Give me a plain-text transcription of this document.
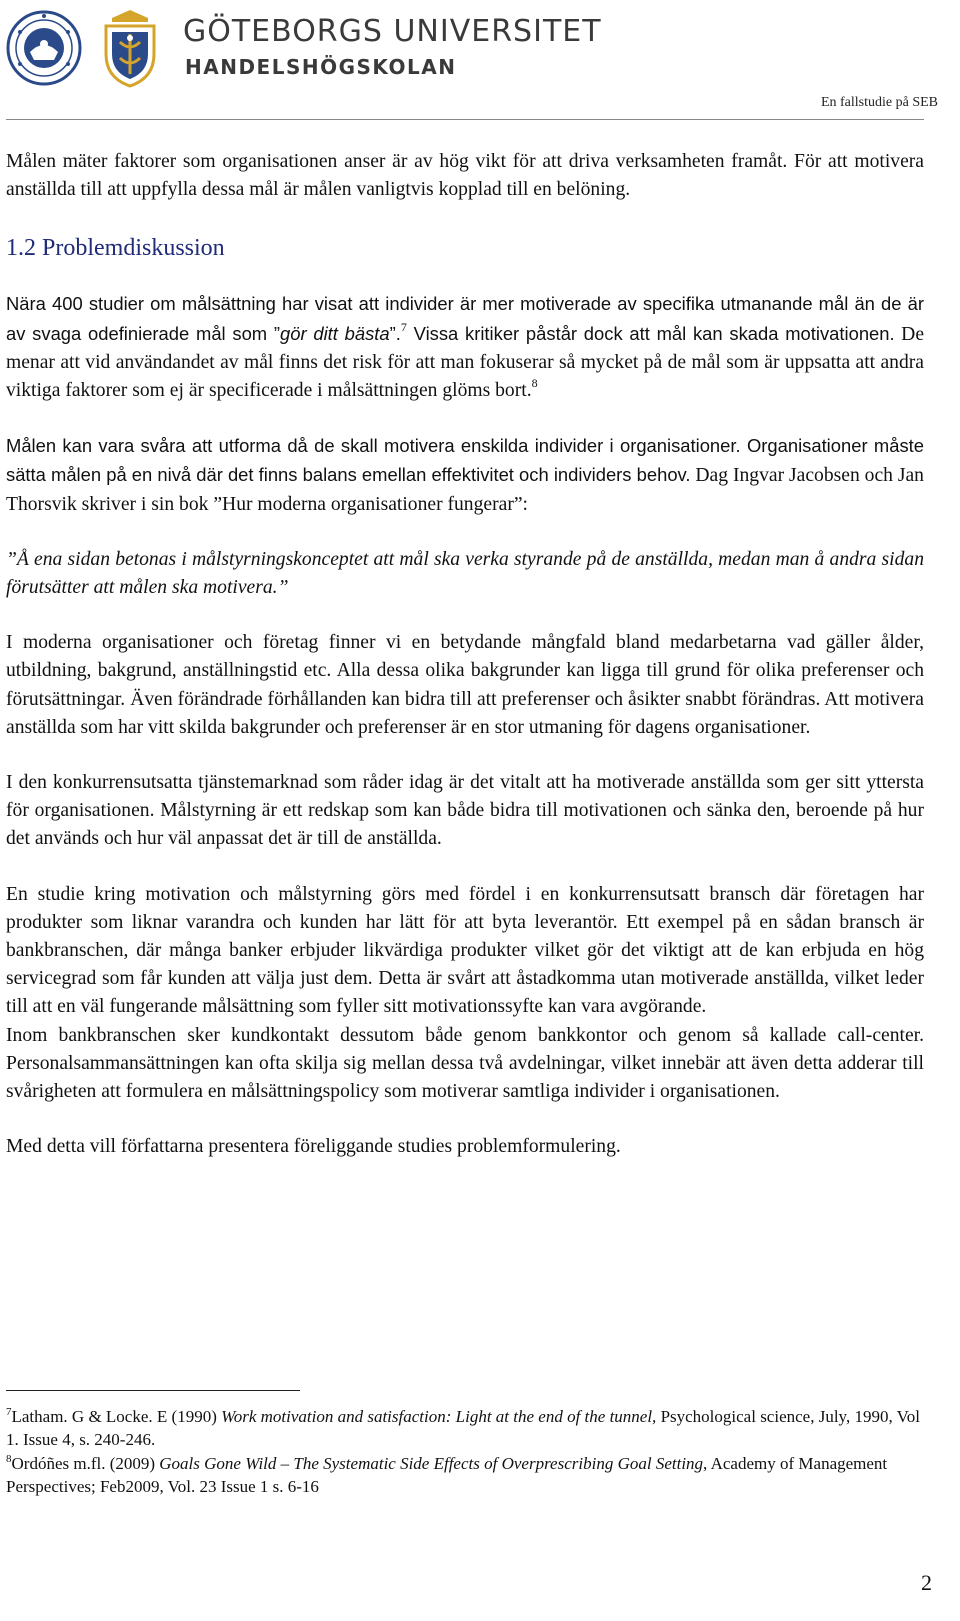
GÖTEBORGS UNIVERSITET
HANDELSHÖGSKOLAN
En fallstudie på SEB

Målen mäter faktorer som organisationen anser är av hög vikt för att driva verksamheten framåt. För att motivera anställda till att uppfylla dessa mål är målen vanligtvis kopplad till en belöning.

1.2 Problemdiskussion

Nära 400 studier om målsättning har visat att individer är mer motiverade av specifika utmanande mål än de är av svaga odefinierade mål som ”gör ditt bästa”.$^7$ Vissa kritiker påstår dock att mål kan skada motivationen. De menar att vid användandet av mål finns det risk för att man fokuserar så mycket på de mål som är uppsatta att andra viktiga faktorer som ej är specificerade i målsättningen glöms bort.$^8$

Målen kan vara svåra att utforma då de skall motivera enskilda individer i organisationer. Organisationer måste sätta målen på en nivå där det finns balans emellan effektivitet och individers behov. Dag Ingvar Jacobsen och Jan Thorsvik skriver i sin bok ”Hur moderna organisationer fungerar”:

”Å ena sidan betonas i målstyrningskonceptet att mål ska verka styrande på de anställda, medan man å andra sidan förutsätter att målen ska motivera.”

I moderna organisationer och företag finner vi en betydande mångfald bland medarbetarna vad gäller ålder, utbildning, bakgrund, anställningstid etc. Alla dessa olika bakgrunder kan ligga till grund för olika preferenser och förutsättningar. Även förändrade förhållanden kan bidra till att preferenser och åsikter snabbt förändras. Att motivera anställda som har vitt skilda bakgrunder och preferenser är en stor utmaning för dagens organisationer.

I den konkurrensutsatta tjänstemarknad som råder idag är det vitalt att ha motiverade anställda som ger sitt yttersta för organisationen. Målstyrning är ett redskap som kan både bidra till motivationen och sänka den, beroende på hur det används och hur väl anpassat det är till de anställda.

En studie kring motivation och målstyrning görs med fördel i en konkurrensutsatt bransch där företagen har produkter som liknar varandra och kunden har lätt för att byta leverantör. Ett exempel på en sådan bransch är bankbranschen, där många banker erbjuder likvärdiga produkter vilket gör det viktigt att de kan erbjuda en hög servicegrad som får kunden att välja just dem. Detta är svårt att åstadkomma utan motiverade anställda, vilket leder till att en väl fungerande målsättning som fyller sitt motivationssyfte kan vara avgörande.

Inom bankbranschen sker kundkontakt dessutom både genom bankkontor och genom så kallade call-center. Personalsammansättningen kan ofta skilja sig mellan dessa två avdelningar, vilket innebär att även detta adderar till svårigheten att formulera en målsättningspolicy som motiverar samtliga individer i organisationen.

Med detta vill författarna presentera föreliggande studies problemformulering.

$^7$Latham. G & Locke. E (1990) Work motivation and satisfaction: Light at the end of the tunnel, Psychological science, July, 1990, Vol 1. Issue 4, s. 240-246.

$^8$Ordóñes m.fl. (2009) Goals Gone Wild – The Systematic Side Effects of Overprescribing Goal Setting, Academy of Management Perspectives; Feb2009, Vol. 23 Issue 1 s. 6-16

2
